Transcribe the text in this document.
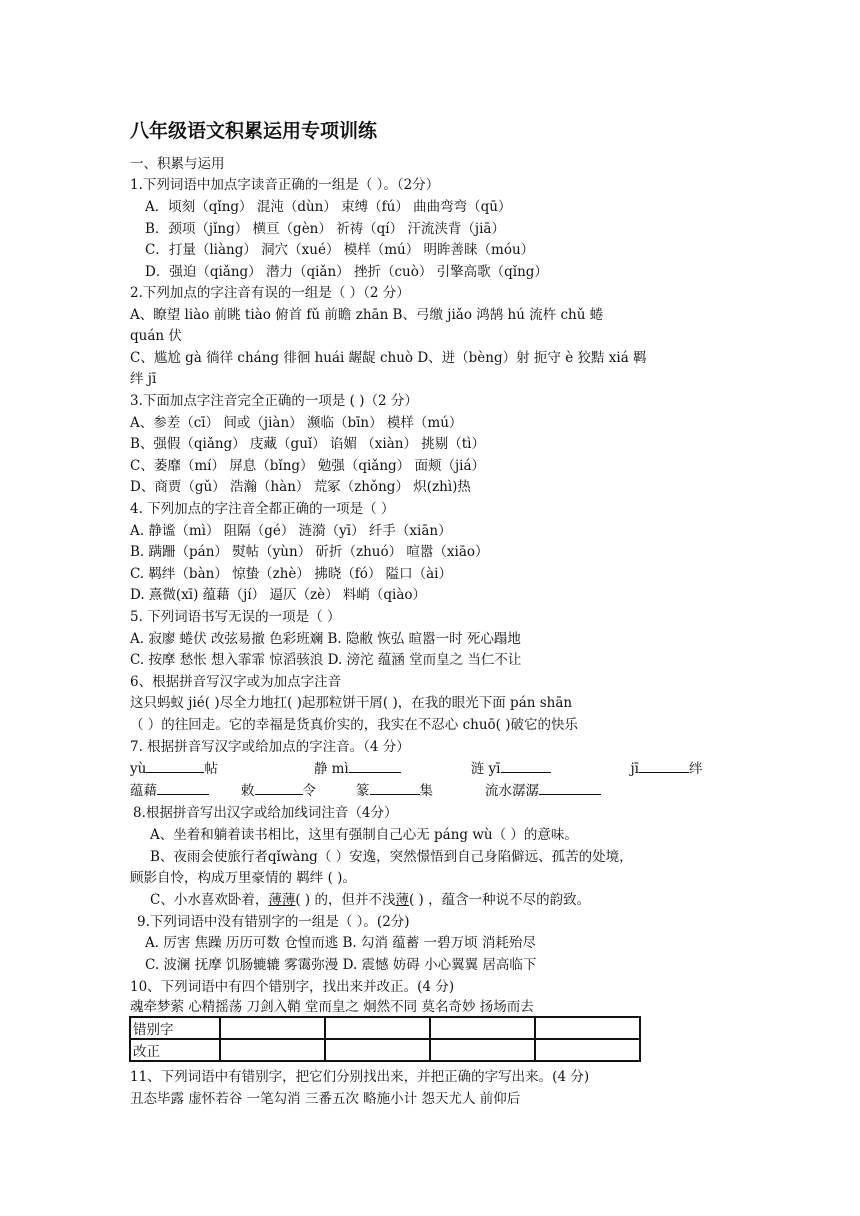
八年级语文积累运用专项训练
一、积累与运用
1.下列词语中加点字读音正确的一组是（ ）。（2分）
A．顷刻（qǐng） 混沌（dùn） 束缚（fú） 曲曲弯弯（qū）
B．颈项（jǐng） 横亘（gèn） 祈祷（qí） 汗流浃背（jiā）
C．打量（liàng） 洞穴（xué） 模样（mú） 明眸善睐（móu）
D．强迫（qiǎng） 潜力（qiǎn） 挫折（cuò） 引擎高歌（qǐng）
2.下列加点的字注音有误的一组是（ ）（2 分）
A、瞭望 liào 前眺 tiào 俯首 fǔ 前瞻 zhān B、弓缴 jiǎo 鸿鹄 hú 流杵 chǔ 蜷
quán 伏
C、尴尬 gà 徜徉 cháng 徘徊 huái 龌龊 chuò D、迸（bèng）射 扼守 è 狡黠 xiá 羁
绊 jī
3.下面加点字注音完全正确的一项是 ( )（2 分）
A、参差（cī） 间或（jiàn） 濒临（bīn） 模样（mú）
B、强假（qiǎng） 庋藏（guǐ） 谄媚 （xiàn） 挑剔（tì）
C、萎靡（mí） 屏息（bǐng） 勉强（qiǎng） 面颊（jiá）
D、商贾（gǔ） 浩瀚（hàn） 荒冢（zhǒng） 炽(zhì)热
4. 下列加点的字注音全都正确的一项是（ ）
A. 静谧（mì） 阻隔（gé） 涟漪（yī） 纤手（xiān）
B. 蹒跚（pán） 熨帖（yùn） 斫折（zhuó） 喧嚣（xiāo）
C. 羁绊（bàn） 惊蛰（zhè） 拂晓（fó） 隘口（ài）
D. 熹微(xī) 蕴藉（jí） 逼仄（zè） 料峭（qiào）
5. 下列词语书写无误的一项是（ ）
A. 寂廖 蜷伏 改弦易撤 色彩班斓 B. 隐敝 恢弘 暄嚣一时 死心蹋地
C. 按摩 愁怅 想入霏霏 惊滔骇浪 D. 滂沱 蕴涵 堂而皇之 当仁不让
6、根据拼音写汉字或为加点字注音
这只蚂蚁 jié( )尽全力地扛( )起那粒饼干屑( )，在我的眼光下面 pán shān
（ ）的往回走。它的幸福是货真价实的，我实在不忍心 chuō( )破它的快乐
7. 根据拼音写汉字或给加点的字注音。（4 分）
yù	帖	静 mì	涟 yī	jī	绊
蕴藉	敕	令	篆	集	流水潺潺
8.根据拼音写出汉字或给加线词注音（4分）
A、坐着和躺着读书相比，这里有强制自己心无 páng wù（ ）的意味。
B、夜雨会使旅行者qǐwàng（ ）安逸，突然憬悟到自己身陷僻远、孤苦的处境，
顾影自怜，构成万里豪情的 羁绊 ( )。
C、小水喜欢卧着，薄薄( ) 的，但并不浅薄( ) ，蕴含一种说不尽的韵致。
9.下列词语中没有错别字的一组是（ ）。(2分)
A. 厉害 焦躁 历历可数 仓惶而逃 B. 勾消 蕴蓄 一碧万顷 消耗殆尽
C. 波澜 抚摩 饥肠辘辘 雾霭弥漫 D. 震憾 妨碍 小心翼翼 居高临下
10、下列词语中有四个错别字，找出来并改正。(4 分)
魂牵梦萦 心精摇荡 刀剑入鞘 堂而皇之 炯然不同 莫名奇妙 扬场而去
错别字				
改正				
11、下列词语中有错别字，把它们分别找出来，并把正确的字写出来。(4 分)
丑态毕露 虚怀若谷 一笔勾消 三番五次 略施小计 怨天尤人 前仰后
